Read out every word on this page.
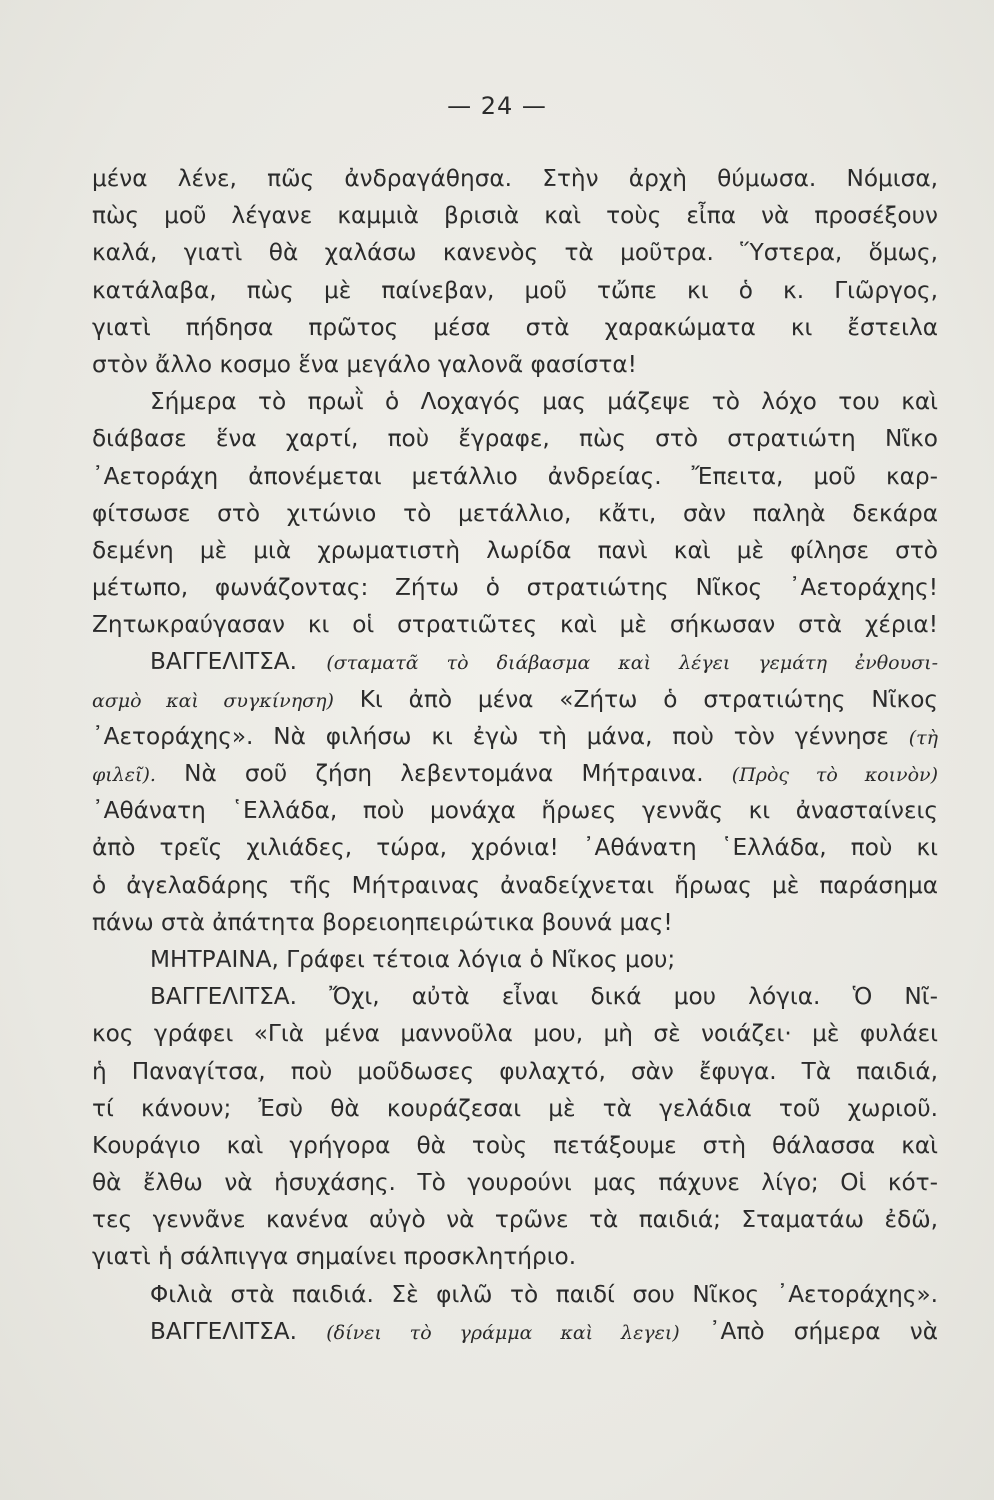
— 24 —
μένα λένε, πῶς ἀνδραγάθησα. Στὴν ἀρχὴ θύμωσα. Νόμισα,
πὼς μοῦ λέγανε καμμιὰ βρισιὰ καὶ τοὺς εἶπα νὰ προσέξουν
καλά, γιατὶ θὰ χαλάσω κανενὸς τὰ μοῦτρα. Ὕστερα, ὅμως,
κατάλαβα, πὼς μὲ παίνεβαν, μοῦ τὤπε κι ὁ κ. Γιῶργος,
γιατὶ πήδησα πρῶτος μέσα στὰ χαρακώματα κι ἔστειλα
στὸν ἄλλο κοσμο ἕνα μεγάλο γαλονᾶ φασίστα!
Σήμερα τὸ πρωῒ ὁ Λοχαγός μας μάζεψε τὸ λόχο του καὶ
διάβασε ἕνα χαρτί, ποὺ ἔγραφε, πὼς στὸ στρατιώτη Νῖκο
᾿Αετοράχη ἀπονέμεται μετάλλιο ἀνδρείας. Ἔπειτα, μοῦ καρ-
φίτσωσε στὸ χιτώνιο τὸ μετάλλιο, κἄτι, σὰν παληὰ δεκάρα
δεμένη μὲ μιὰ χρωματιστὴ λωρίδα πανὶ καὶ μὲ φίλησε στὸ
μέτωπο, φωνάζοντας: Ζήτω ὁ στρατιώτης Νῖκος ᾿Αετοράχης!
Ζητωκραύγασαν κι οἱ στρατιῶτες καὶ μὲ σήκωσαν στὰ χέρια!
ΒΑΓΓΕΛΙΤΣΑ. (σταματᾶ τὸ διάβασμα καὶ λέγει γεμάτη ἐνθουσι-
ασμὸ καὶ συγκίνηση) Κι ἀπὸ μένα «Ζήτω ὁ στρατιώτης Νῖκος
᾿Αετοράχης». Νὰ φιλήσω κι ἐγὼ τὴ μάνα, ποὺ τὸν γέννησε (τὴ
φιλεῖ). Νὰ σοῦ ζήση λεβεντομάνα Μήτραινα. (Πρὸς τὸ κοινὸν)
᾿Αθάνατη ῾Ελλάδα, ποὺ μονάχα ἥρωες γεννᾶς κι ἀνασταίνεις
ἀπὸ τρεῖς χιλιάδες, τώρα, χρόνια! ᾿Αθάνατη ῾Ελλάδα, ποὺ κι
ὁ ἀγελαδάρης τῆς Μήτραινας ἀναδείχνεται ἥρωας μὲ παράσημα
πάνω στὰ ἀπάτητα βορειοηπειρώτικα βουνά μας!
ΜΗΤΡΑΙΝΑ, Γράφει τέτοια λόγια ὁ Νῖκος μου;
ΒΑΓΓΕΛΙΤΣΑ. Ὄχι, αὐτὰ εἶναι δικά μου λόγια. Ὁ Νῖ-
κος γράφει «Γιὰ μένα μαννοῦλα μου, μὴ σὲ νοιάζει· μὲ φυλάει
ἡ Παναγίτσα, ποὺ μοῦδωσες φυλαχτό, σὰν ἔφυγα. Τὰ παιδιά,
τί κάνουν; Ἐσὺ θὰ κουράζεσαι μὲ τὰ γελάδια τοῦ χωριοῦ.
Κουράγιο καὶ γρήγορα θὰ τοὺς πετάξουμε στὴ θάλασσα καὶ
θὰ ἔλθω νὰ ἡσυχάσης. Τὸ γουρούνι μας πάχυνε λίγο; Οἱ κότ-
τες γεννᾶνε κανένα αὐγὸ νὰ τρῶνε τὰ παιδιά; Σταματάω ἐδῶ,
γιατὶ ἡ σάλπιγγα σημαίνει προσκλητήριο.
Φιλιὰ στὰ παιδιά. Σὲ φιλῶ τὸ παιδί σου Νῖκος ᾿Αετοράχης».
ΒΑΓΓΕΛΙΤΣΑ. (δίνει τὸ γράμμα καὶ λεγει) ᾿Απὸ σήμερα νὰ
